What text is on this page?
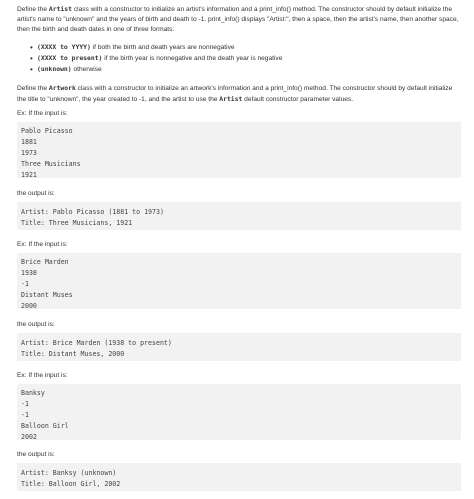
Define the Artist class with a constructor to initialize an artist's information and a print_info() method. The constructor should by default initialize the artist's name to "unknown" and the years of birth and death to -1. print_info() displays "Artist:", then a space, then the artist's name, then another space, then the birth and death dates in one of three formats:
• (XXXX to YYYY) if both the birth and death years are nonnegative
• (XXXX to present) if the birth year is nonnegative and the death year is negative
• (unknown) otherwise
Define the Artwork class with a constructor to initialize an artwork's information and a print_info() method. The constructor should by default initialize the title to "unknown", the year created to -1, and the artist to use the Artist default constructor parameter values.
Ex: If the input is:
Pablo Picasso
1881
1973
Three Musicians
1921
the output is:
Artist: Pablo Picasso (1881 to 1973)
Title: Three Musicians, 1921
Ex: If the input is:
Brice Marden
1938
-1
Distant Muses
2000
the output is:
Artist: Brice Marden (1938 to present)
Title: Distant Muses, 2000
Ex: If the input is:
Banksy
-1
-1
Balloon Girl
2002
the output is:
Artist: Banksy (unknown)
Title: Balloon Girl, 2002
